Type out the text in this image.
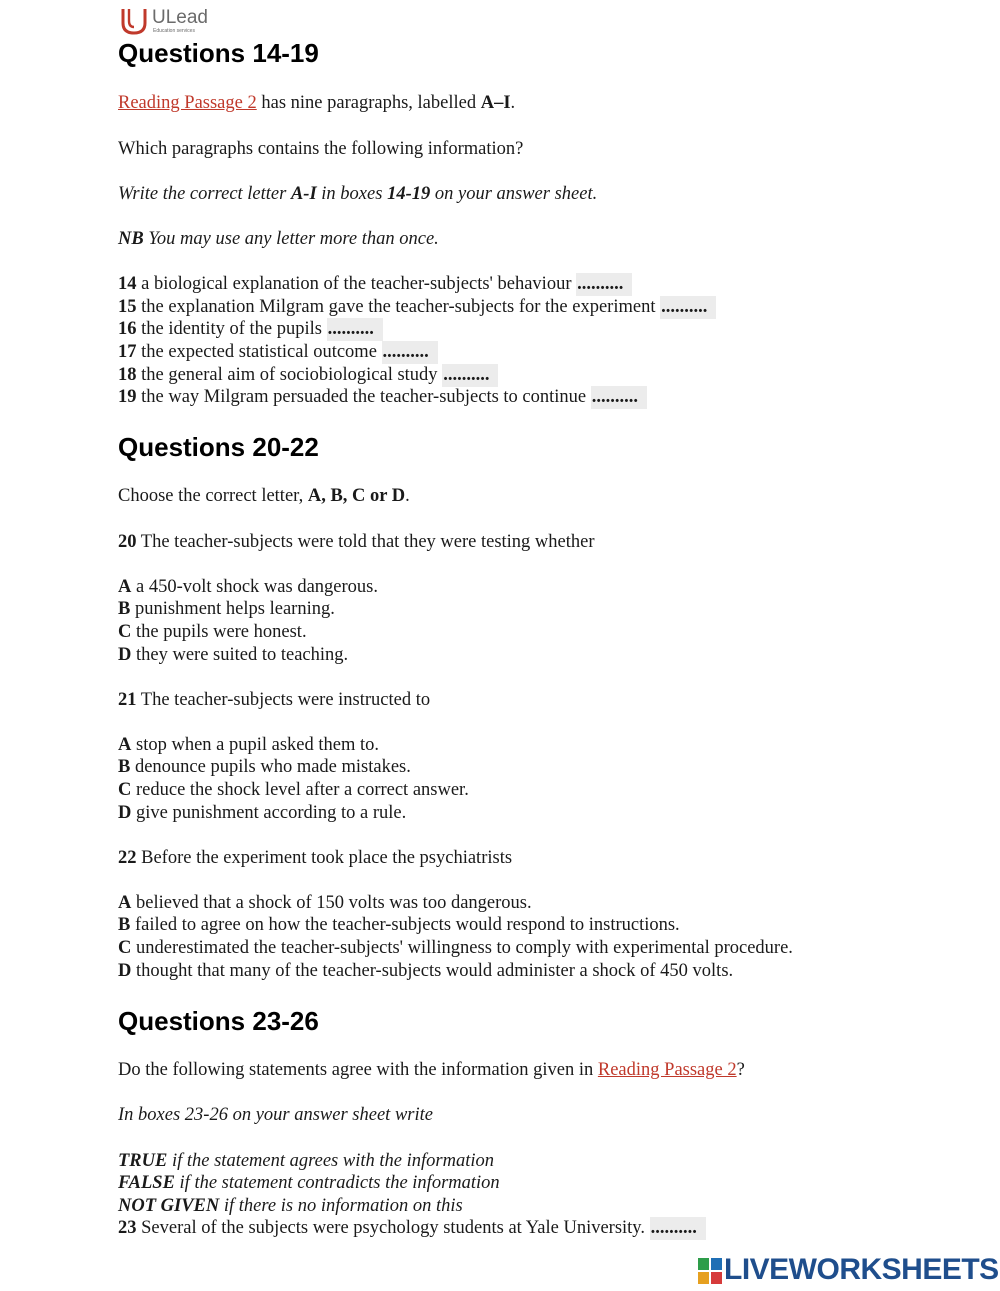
ULead
Education services
Questions 14-19
Reading Passage 2 has nine paragraphs, labelled A–I.
Which paragraphs contains the following information?
Write the correct letter A-I in boxes 14-19 on your answer sheet.
NB You may use any letter more than once.
14 a biological explanation of the teacher-subjects' behaviour ..........
15 the explanation Milgram gave the teacher-subjects for the experiment ..........
16 the identity of the pupils ..........
17 the expected statistical outcome ..........
18 the general aim of sociobiological study ..........
19 the way Milgram persuaded the teacher-subjects to continue ..........
Questions 20-22
Choose the correct letter, A, B, C or D.
20 The teacher-subjects were told that they were testing whether
A a 450-volt shock was dangerous.
B punishment helps learning.
C the pupils were honest.
D they were suited to teaching.
21 The teacher-subjects were instructed to
A stop when a pupil asked them to.
B denounce pupils who made mistakes.
C reduce the shock level after a correct answer.
D give punishment according to a rule.
22 Before the experiment took place the psychiatrists
A believed that a shock of 150 volts was too dangerous.
B failed to agree on how the teacher-subjects would respond to instructions.
C underestimated the teacher-subjects' willingness to comply with experimental procedure.
D thought that many of the teacher-subjects would administer a shock of 450 volts.
Questions 23-26
Do the following statements agree with the information given in Reading Passage 2?
In boxes 23-26 on your answer sheet write
TRUE if the statement agrees with the information
FALSE if the statement contradicts the information
NOT GIVEN if there is no information on this
23 Several of the subjects were psychology students at Yale University. ..........
LIVEWORKSHEETS
